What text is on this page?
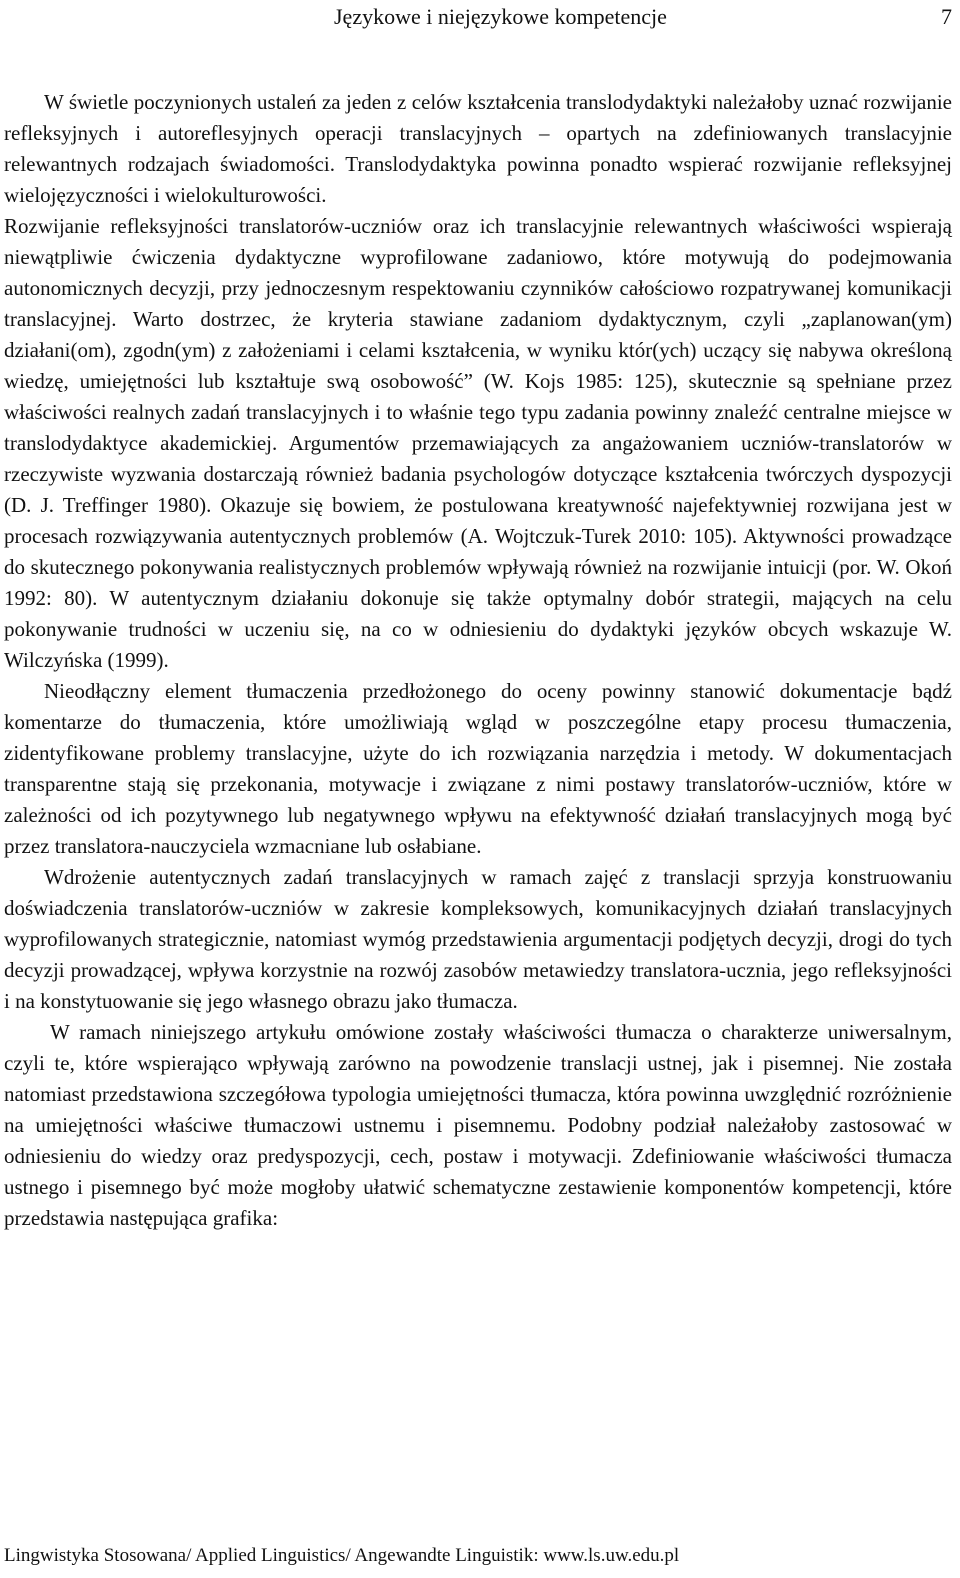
Językowe i niejęzykowe kompetencje	7

W świetle poczynionych ustaleń za jeden z celów kształcenia translodydaktyki należałoby uznać rozwijanie refleksyjnych i autoreflesyjnych operacji translacyjnych – opartych na zdefiniowanych translacyjnie relewantnych rodzajach świadomości. Translodydaktyka powinna ponadto wspierać rozwijanie refleksyjnej wielojęzyczności i wielokulturowości.

Rozwijanie refleksyjności translatorów-uczniów oraz ich translacyjnie relewantnych właściwości wspierają niewątpliwie ćwiczenia dydaktyczne wyprofilowane zadaniowo, które motywują do podejmowania autonomicznych decyzji, przy jednoczesnym respektowaniu czynników całościowo rozpatrywanej komunikacji translacyjnej. Warto dostrzec, że kryteria stawiane zadaniom dydaktycznym, czyli „zaplanowan(ym) działani(om), zgodn(ym) z założeniami i celami kształcenia, w wyniku któr(ych) uczący się nabywa określoną wiedzę, umiejętności lub kształtuje swą osobowość” (W. Kojs 1985: 125), skutecznie są spełniane przez właściwości realnych zadań translacyjnych i to właśnie tego typu zadania powinny znaleźć centralne miejsce w translodydaktyce akademickiej. Argumentów przemawiających za angażowaniem uczniów-translatorów w rzeczywiste wyzwania dostarczają również badania psychologów dotyczące kształcenia twórczych dyspozycji (D. J. Treffinger 1980). Okazuje się bowiem, że postulowana kreatywność najefektywniej rozwijana jest w procesach rozwiązywania autentycznych problemów (A. Wojtczuk-Turek 2010: 105). Aktywności prowadzące do skutecznego pokonywania realistycznych problemów wpływają również na rozwijanie intuicji (por. W. Okoń 1992: 80). W autentycznym działaniu dokonuje się także optymalny dobór strategii, mających na celu pokonywanie trudności w uczeniu się, na co w odniesieniu do dydaktyki języków obcych wskazuje W. Wilczyńska (1999).

Nieodłączny element tłumaczenia przedłożonego do oceny powinny stanowić dokumentacje bądź komentarze do tłumaczenia, które umożliwiają wgląd w poszczególne etapy procesu tłumaczenia, zidentyfikowane problemy translacyjne, użyte do ich rozwiązania narzędzia i metody. W dokumentacjach transparentne stają się przekonania, motywacje i związane z nimi postawy translatorów-uczniów, które w zależności od ich pozytywnego lub negatywnego wpływu na efektywność działań translacyjnych mogą być przez translatora-nauczyciela wzmacniane lub osłabiane.

Wdrożenie autentycznych zadań translacyjnych w ramach zajęć z translacji sprzyja konstruowaniu doświadczenia translatorów-uczniów w zakresie kompleksowych, komunikacyjnych działań translacyjnych wyprofilowanych strategicznie, natomiast wymóg przedstawienia argumentacji podjętych decyzji, drogi do tych decyzji prowadzącej, wpływa korzystnie na rozwój zasobów metawiedzy translatora-ucznia, jego refleksyjności i na konstytuowanie się jego własnego obrazu jako tłumacza.

W ramach niniejszego artykułu omówione zostały właściwości tłumacza o charakterze uniwersalnym, czyli te, które wspierająco wpływają zarówno na powodzenie translacji ustnej, jak i pisemnej. Nie została natomiast przedstawiona szczegółowa typologia umiejętności tłumacza, która powinna uwzględnić rozróżnienie na umiejętności właściwe tłumaczowi ustnemu i pisemnemu. Podobny podział należałoby zastosować w odniesieniu do wiedzy oraz predyspozycji, cech, postaw i motywacji. Zdefiniowanie właściwości tłumacza ustnego i pisemnego być może mogłoby ułatwić schematyczne zestawienie komponentów kompetencji, które przedstawia następująca grafika:

Lingwistyka Stosowana/ Applied Linguistics/ Angewandte Linguistik: www.ls.uw.edu.pl
